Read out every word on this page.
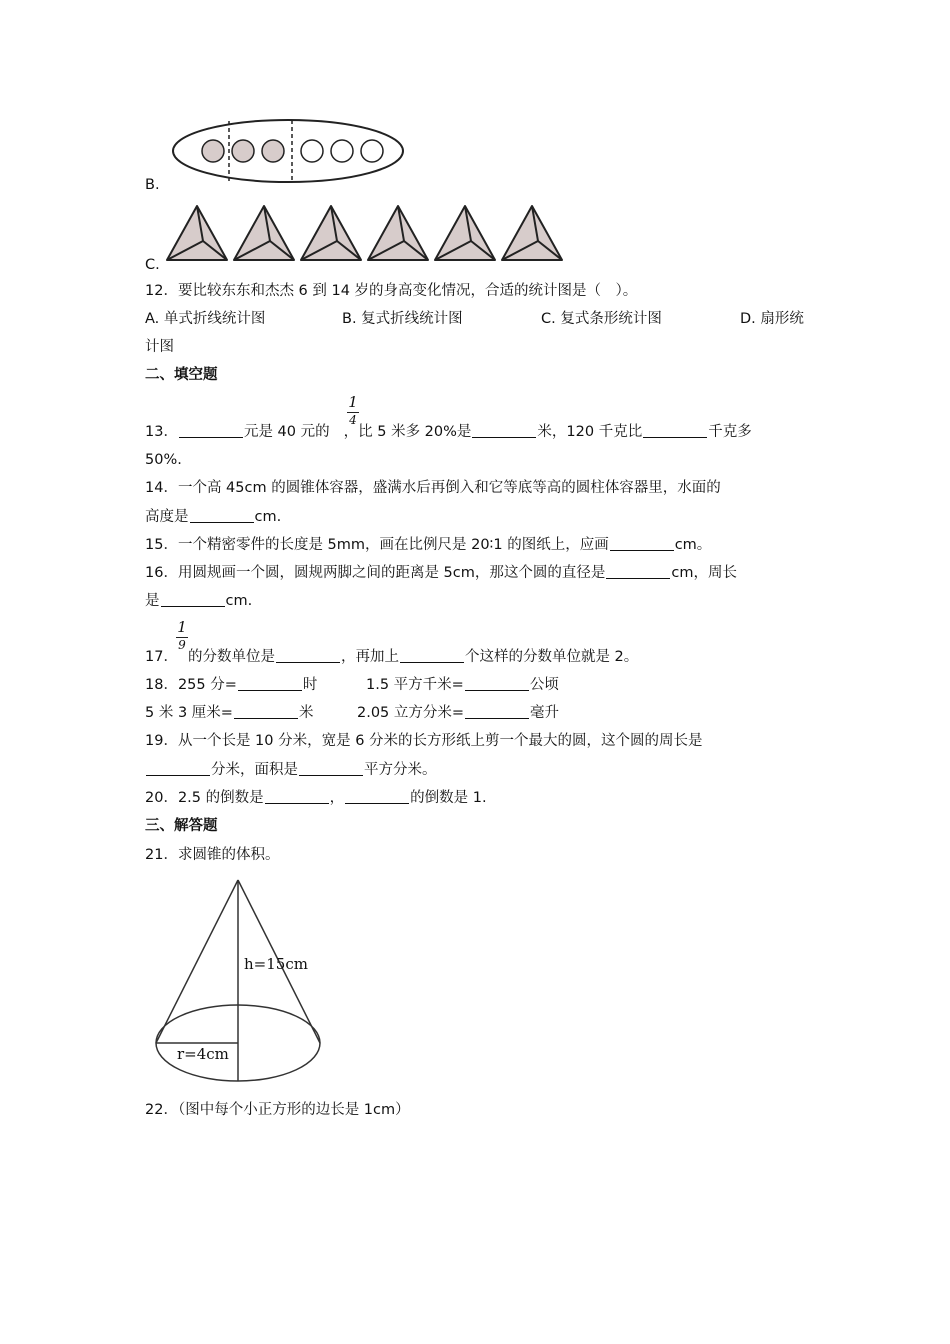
B.
C.
12．要比较东东和杰杰 6 到 14 岁的身高变化情况，合适的统计图是（　）。
A. 单式折线统计图	B. 复式折线统计图	C. 复式条形统计图	D. 扇形统
计图
二、填空题
1
4
13．	元是 40 元的 ，比 5 米多 20%是	米，120 千克比	千克多
50%.
14．一个高 45cm 的圆锥体容器，盛满水后再倒入和它等底等高的圆柱体容器里，水面的
高度是	cm.
15．一个精密零件的长度是 5mm，画在比例尺是 20∶1 的图纸上，应画	cm。
16．用圆规画一个圆，圆规两脚之间的距离是 5cm，那这个圆的直径是	cm，周长
是	cm.
1
9
17． 的分数单位是	，再加上	个这样的分数单位就是 2。
18．255 分=	时	1.5 平方千米=	公顷
5 米 3 厘米=	米	2.05 立方分米=	毫升
19．从一个长是 10 分米，宽是 6 分米的长方形纸上剪一个最大的圆，这个圆的周长是
分米，面积是	平方分米。
20．2.5 的倒数是	，	的倒数是 1.
三、解答题
21．求圆锥的体积。
h=15cm
r=4cm
22．（图中每个小正方形的边长是 1cm）
